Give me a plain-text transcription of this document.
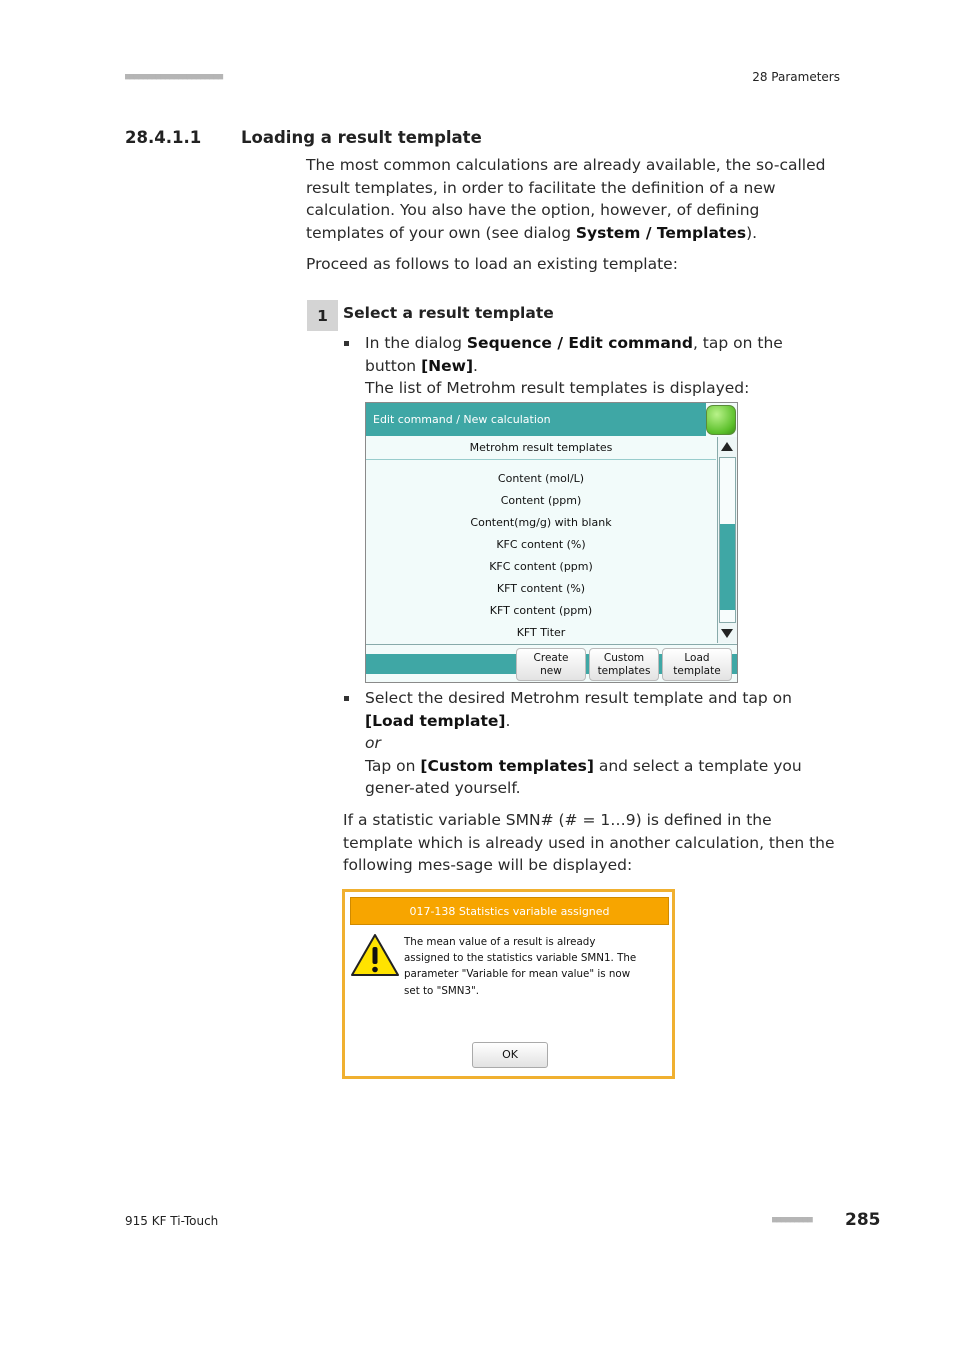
■■■■■■■■■■■■■■■■■■■■■■	28 Parameters
28.4.1.1 Loading a result template
The most common calculations are already available, the so-called result templates, in order to facilitate the definition of a new calculation. You also have the option, however, of defining templates of your own (see dialog System / Templates).
Proceed as follows to load an existing template:
1 Select a result template
In the dialog Sequence / Edit command, tap on the button [New].
The list of Metrohm result templates is displayed:
Edit command / New calculation
Metrohm result templates
Content (mol/L)
Content (ppm)
Content(mg/g) with blank
KFC content (%)
KFC content (ppm)
KFT content (%)
KFT content (ppm)
KFT Titer
Create
new
Custom
templates
Load
template
Select the desired Metrohm result template and tap on [Load template].
or
Tap on [Custom templates] and select a template you gener-ated yourself.
If a statistic variable SMN# (# = 1…9) is defined in the template which is already used in another calculation, then the following mes-sage will be displayed:
017-138 Statistics variable assigned
The mean value of a result is already
assigned to the statistics variable SMN1. The
parameter "Variable for mean value" is now
set to "SMN3".
OK
915 KF Ti-Touch	■■■■■■■■■ 285
